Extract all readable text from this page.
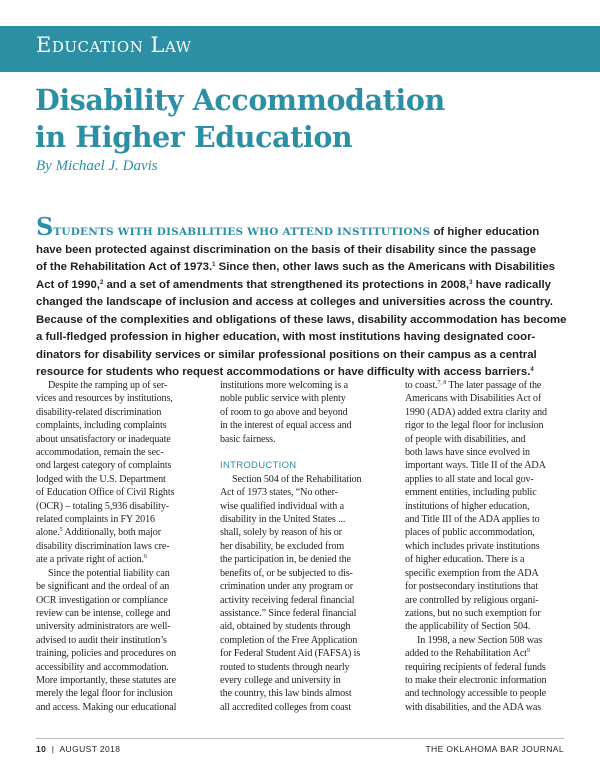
Education Law
Disability Accommodation
in Higher Education

By Michael J. Davis

STUDENTS WITH DISABILITIES WHO ATTEND INSTITUTIONS of higher education
have been protected against discrimination on the basis of their disability since the passage
of the Rehabilitation Act of 1973.$^1$ Since then, other laws such as the Americans with Disabilities
Act of 1990,$^2$ and a set of amendments that strengthened its protections in 2008,$^3$ have radically
changed the landscape of inclusion and access at colleges and universities across the country.
Because of the complexities and obligations of these laws, disability accommodation has become
a full-fledged profession in higher education, with most institutions having designated coor-
dinators for disability services or similar professional positions on their campus as a central
resource for students who request accommodations or have difficulty with access barriers.$^4$

Despite the ramping up of ser-
vices and resources by institutions,
disability-related discrimination
complaints, including complaints
about unsatisfactory or inadequate
accommodation, remain the sec-
ond largest category of complaints
lodged with the U.S. Department
of Education Office of Civil Rights
(OCR) – totaling 5,936 disability-
related complaints in FY 2016
alone.$^5$ Additionally, both major
disability discrimination laws cre-
ate a private right of action.$^6$
Since the potential liability can
be significant and the ordeal of an
OCR investigation or compliance
review can be intense, college and
university administrators are well-
advised to audit their institution’s
training, policies and procedures on
accessibility and accommodation.
More importantly, these statutes are
merely the legal floor for inclusion
and access. Making our educational
institutions more welcoming is a
noble public service with plenty
of room to go above and beyond
in the interest of equal access and
basic fairness.

INTRODUCTION
Section 504 of the Rehabilitation
Act of 1973 states, “No other-
wise qualified individual with a
disability in the United States ...
shall, solely by reason of his or
her disability, be excluded from
the participation in, be denied the
benefits of, or be subjected to dis-
crimination under any program or
activity receiving federal financial
assistance.” Since federal financial
aid, obtained by students through
completion of the Free Application
for Federal Student Aid (FAFSA) is
routed to students through nearly
every college and university in
the country, this law binds almost
all accredited colleges from coast
to coast.$^{7, 8}$ The later passage of the
Americans with Disabilities Act of
1990 (ADA) added extra clarity and
rigor to the legal floor for inclusion
of people with disabilities, and
both laws have since evolved in
important ways. Title II of the ADA
applies to all state and local gov-
ernment entities, including public
institutions of higher education,
and Title III of the ADA applies to
places of public accommodation,
which includes private institutions
of higher education. There is a
specific exemption from the ADA
for postsecondary institutions that
are controlled by religious organi-
zations, but no such exemption for
the applicability of Section 504.
In 1998, a new Section 508 was
added to the Rehabilitation Act$^9$
requiring recipients of federal funds
to make their electronic information
and technology accessible to people
with disabilities, and the ADA was
10 | AUGUST 2018	THE OKLAHOMA BAR JOURNAL
